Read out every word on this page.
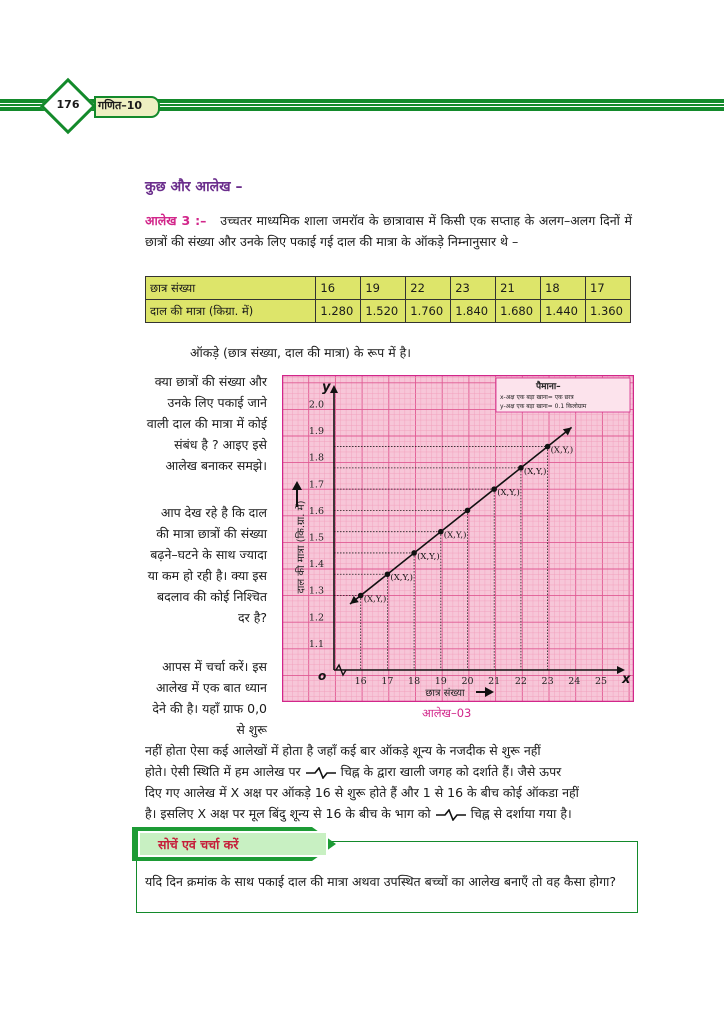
176	गणित–10
कुछ और आलेख –
आलेख 3 :– उच्चतर माध्यमिक शाला जमरॉव के छात्रावास में किसी एक सप्ताह के अलग–अलग दिनों में छात्रों की संख्या और उनके लिए पकाई गई दाल की मात्रा के ऑकड़े निम्नानुसार थे –
छात्र संख्या	16	19	22	23	21	18	17
दाल की मात्रा (किग्रा. में)	1.280	1.520	1.760	1.840	1.680	1.440	1.360
ऑकड़े (छात्र संख्या, दाल की मात्रा) के रूप में है।
क्या छात्रों की संख्या और उनके लिए पकाई जाने वाली दाल की मात्रा में कोई संबंध है ? आइए इसे आलेख बनाकर समझे।
आप देख रहे है कि दाल की मात्रा छात्रों की संख्या बढ़ने–घटने के साथ ज्यादा या कम हो रही है। क्या इस बदलाव की कोई निश्चित दर है?
आपस में चर्चा करें। इस आलेख में एक बात ध्यान देने की है। यहाँ ग्राफ 0,0 से शुरू
x
y
o	16 17 18 19 20 21 22 23 24 25
1.1
1.2
1.3
1.4
1.5
1.6
1.7
1.8
1.9
2.0
(X,Y,)
(X,Y,)
(X,Y,)
(X,Y,)
(X,Y,)
(X,Y,)
(X,Y,)
पैमाना–
x-अक्ष एक बड़ा खाना= एक छात्र
y-अक्ष एक बड़ा खाना= 0.1 किलोग्राम
दाल की मात्रा (कि.ग्रा. में)
छात्र संख्या
आलेख–03
नहीं होता ऐसा कई आलेखों में होता है जहाँ कई बार ऑकड़े शून्य के नजदीक से शुरू नहीं
होते। ऐसी स्थिति में हम आलेख पर	चिह्न के द्वारा खाली जगह को दर्शाते हैं। जैसे ऊपर
दिए गए आलेख में X अक्ष पर ऑकड़े 16 से शुरू होते हैं और 1 से 16 के बीच कोई ऑकडा नहीं
है। इसलिए X अक्ष पर मूल बिंदु शून्य से 16 के बीच के भाग को	चिह्न से दर्शाया गया है।
सोचें एवं चर्चा करें
यदि दिन क्रमांक के साथ पकाई दाल की मात्रा अथवा उपस्थित बच्चों का आलेख बनाएँ तो वह कैसा होगा?
